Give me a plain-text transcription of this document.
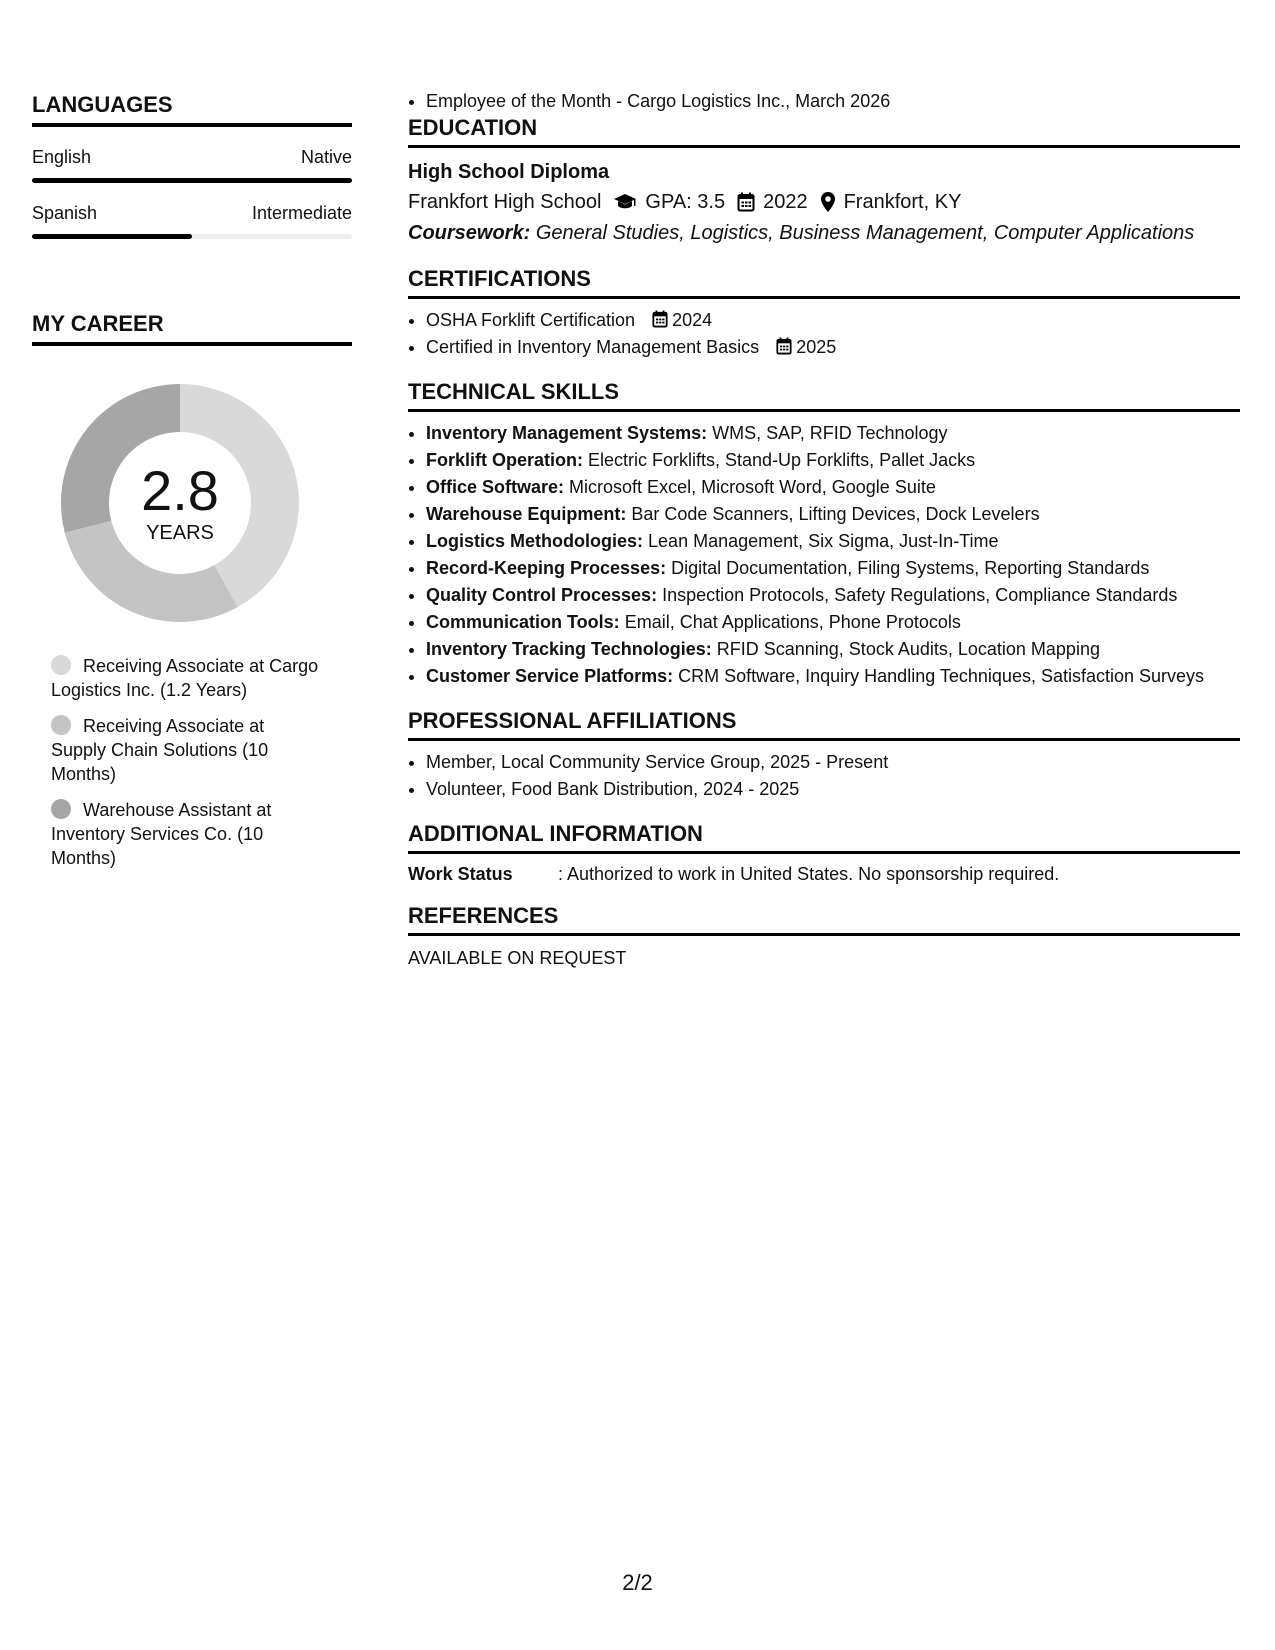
LANGUAGES
English	Native
Spanish	Intermediate
MY CAREER
2.8
YEARS
Receiving Associate at Cargo Logistics Inc. (1.2 Years)
Receiving Associate at Supply Chain Solutions (10 Months)
Warehouse Assistant at Inventory Services Co. (10 Months)
• Employee of the Month - Cargo Logistics Inc., March 2026
EDUCATION
High School Diploma
Frankfort High School GPA: 3.5 2022 Frankfort, KY
Coursework: General Studies, Logistics, Business Management, Computer Applications
CERTIFICATIONS
• OSHA Forklift Certification 2024
• Certified in Inventory Management Basics 2025
TECHNICAL SKILLS
• Inventory Management Systems: WMS, SAP, RFID Technology
• Forklift Operation: Electric Forklifts, Stand-Up Forklifts, Pallet Jacks
• Office Software: Microsoft Excel, Microsoft Word, Google Suite
• Warehouse Equipment: Bar Code Scanners, Lifting Devices, Dock Levelers
• Logistics Methodologies: Lean Management, Six Sigma, Just-In-Time
• Record-Keeping Processes: Digital Documentation, Filing Systems, Reporting Standards
• Quality Control Processes: Inspection Protocols, Safety Regulations, Compliance Standards
• Communication Tools: Email, Chat Applications, Phone Protocols
• Inventory Tracking Technologies: RFID Scanning, Stock Audits, Location Mapping
• Customer Service Platforms: CRM Software, Inquiry Handling Techniques, Satisfaction Surveys
PROFESSIONAL AFFILIATIONS
• Member, Local Community Service Group, 2025 - Present
• Volunteer, Food Bank Distribution, 2024 - 2025
ADDITIONAL INFORMATION
Work Status	: Authorized to work in United States. No sponsorship required.
REFERENCES
AVAILABLE ON REQUEST
2/2
